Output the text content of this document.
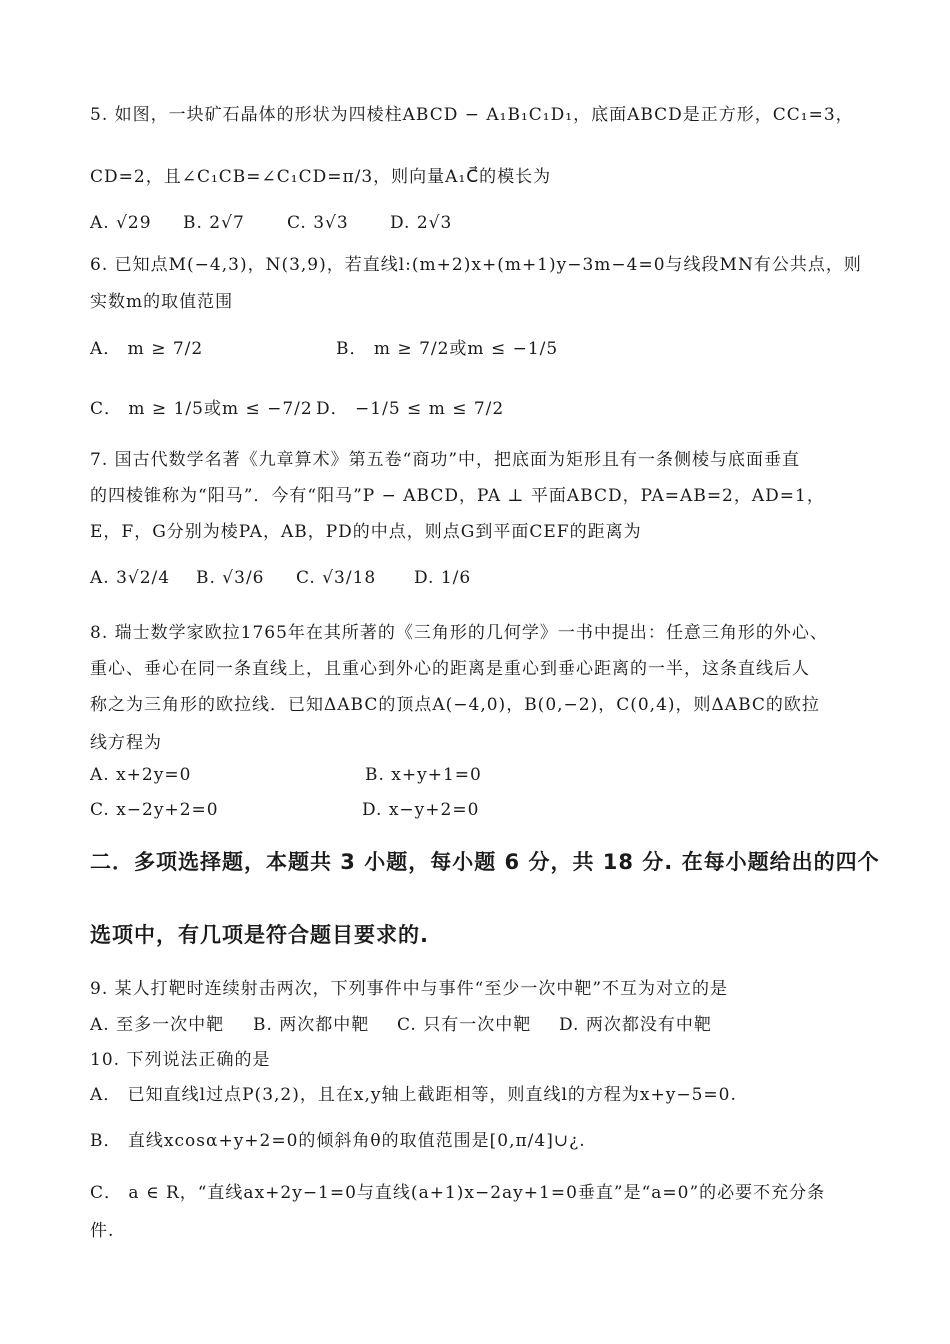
5. 如图，一块矿石晶体的形状为四棱柱ABCD − A₁B₁C₁D₁，底面ABCD是正方形，CC₁=3，
CD=2，且∠C₁CB=∠C₁CD=π/3，则向量A₁C⃗的模长为
A. √29 B. 2√7 C. 3√3 D. 2√3
6. 已知点M(−4,3)，N(3,9)，若直线l:(m+2)x+(m+1)y−3m−4=0与线段MN有公共点，则
实数m的取值范围
A． m ≥ 7/2	B． m ≥ 7/2或m ≤ −1/5
C． m ≥ 1/5或m ≤ −7/2 D． −1/5 ≤ m ≤ 7/2
7. 国古代数学名著《九章算术》第五卷“商功”中，把底面为矩形且有一条侧棱与底面垂直
的四棱锥称为“阳马”．今有“阳马”P − ABCD，PA ⊥ 平面ABCD，PA=AB=2，AD=1，
E，F，G分别为棱PA，AB，PD的中点，则点G到平面CEF的距离为
A. 3√2/4 B. √3/6 C. √3/18 D. 1/6
8. 瑞士数学家欧拉1765年在其所著的《三角形的几何学》一书中提出：任意三角形的外心、
重心、垂心在同一条直线上，且重心到外心的距离是重心到垂心距离的一半，这条直线后人
称之为三角形的欧拉线．已知ΔABC的顶点A(−4,0)，B(0,−2)，C(0,4)，则ΔABC的欧拉
线方程为
A. x+2y=0	B. x+y+1=0
C. x−2y+2=0	D. x−y+2=0
二．多项选择题，本题共 3 小题，每小题 6 分，共 18 分. 在每小题给出的四个
选项中，有几项是符合题目要求的.
9. 某人打靶时连续射击两次，下列事件中与事件“至少一次中靶”不互为对立的是
A. 至多一次中靶 B. 两次都中靶 C. 只有一次中靶 D. 两次都没有中靶
10. 下列说法正确的是
A． 已知直线l过点P(3,2)，且在x,y轴上截距相等，则直线l的方程为x+y−5=0.
B． 直线xcosα+y+2=0的倾斜角θ的取值范围是[0,π/4]∪¿.
C． a ∈ R，“直线ax+2y−1=0与直线(a+1)x−2ay+1=0垂直”是“a=0”的必要不充分条
件.
